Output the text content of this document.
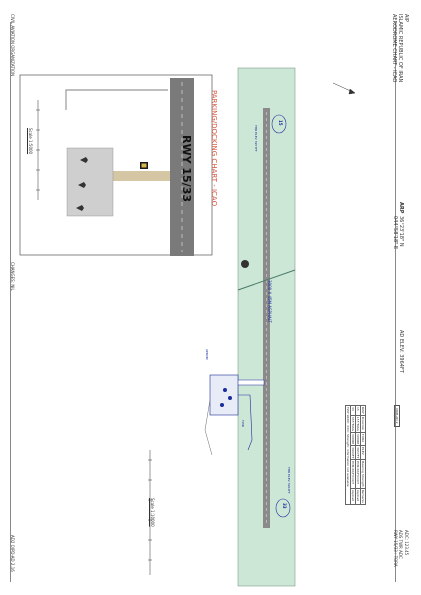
AIP
ISLAMIC REPUBLIC OF IRAN
AERODROME CHART - ICAO
ARP
36°23'18" N
044°58'18" E
AD ELEV: 3964FT
OIKB-AD 2
ADC: 123.45
ADS TWR ADC
RWY 15/33 : TORA
PARKING/DOCKING CHART - ICAO
RWY 15/33
Scale 1:5000
3000 X 45M ASPHALT
15
33
THR ELEV 3957FT
THR ELEV 3964FT
APRON
TWR
Scale 1:10000
RWY	Direction	TORA	ELEV	Bearing Strength	Remarks
15	155°MAG	3000M	3957FT	PCN 66/F/C/X/T	Asphalt
33	335°MAG	3000M	3964FT	PCN 66/F/C/X/T	Asphalt
TWY Width: 23m; Strength: information not available					
CIVIL AVIATION ORGANIZATION
CHANGES: NIL
AD2 OIPD-AD 2.16
